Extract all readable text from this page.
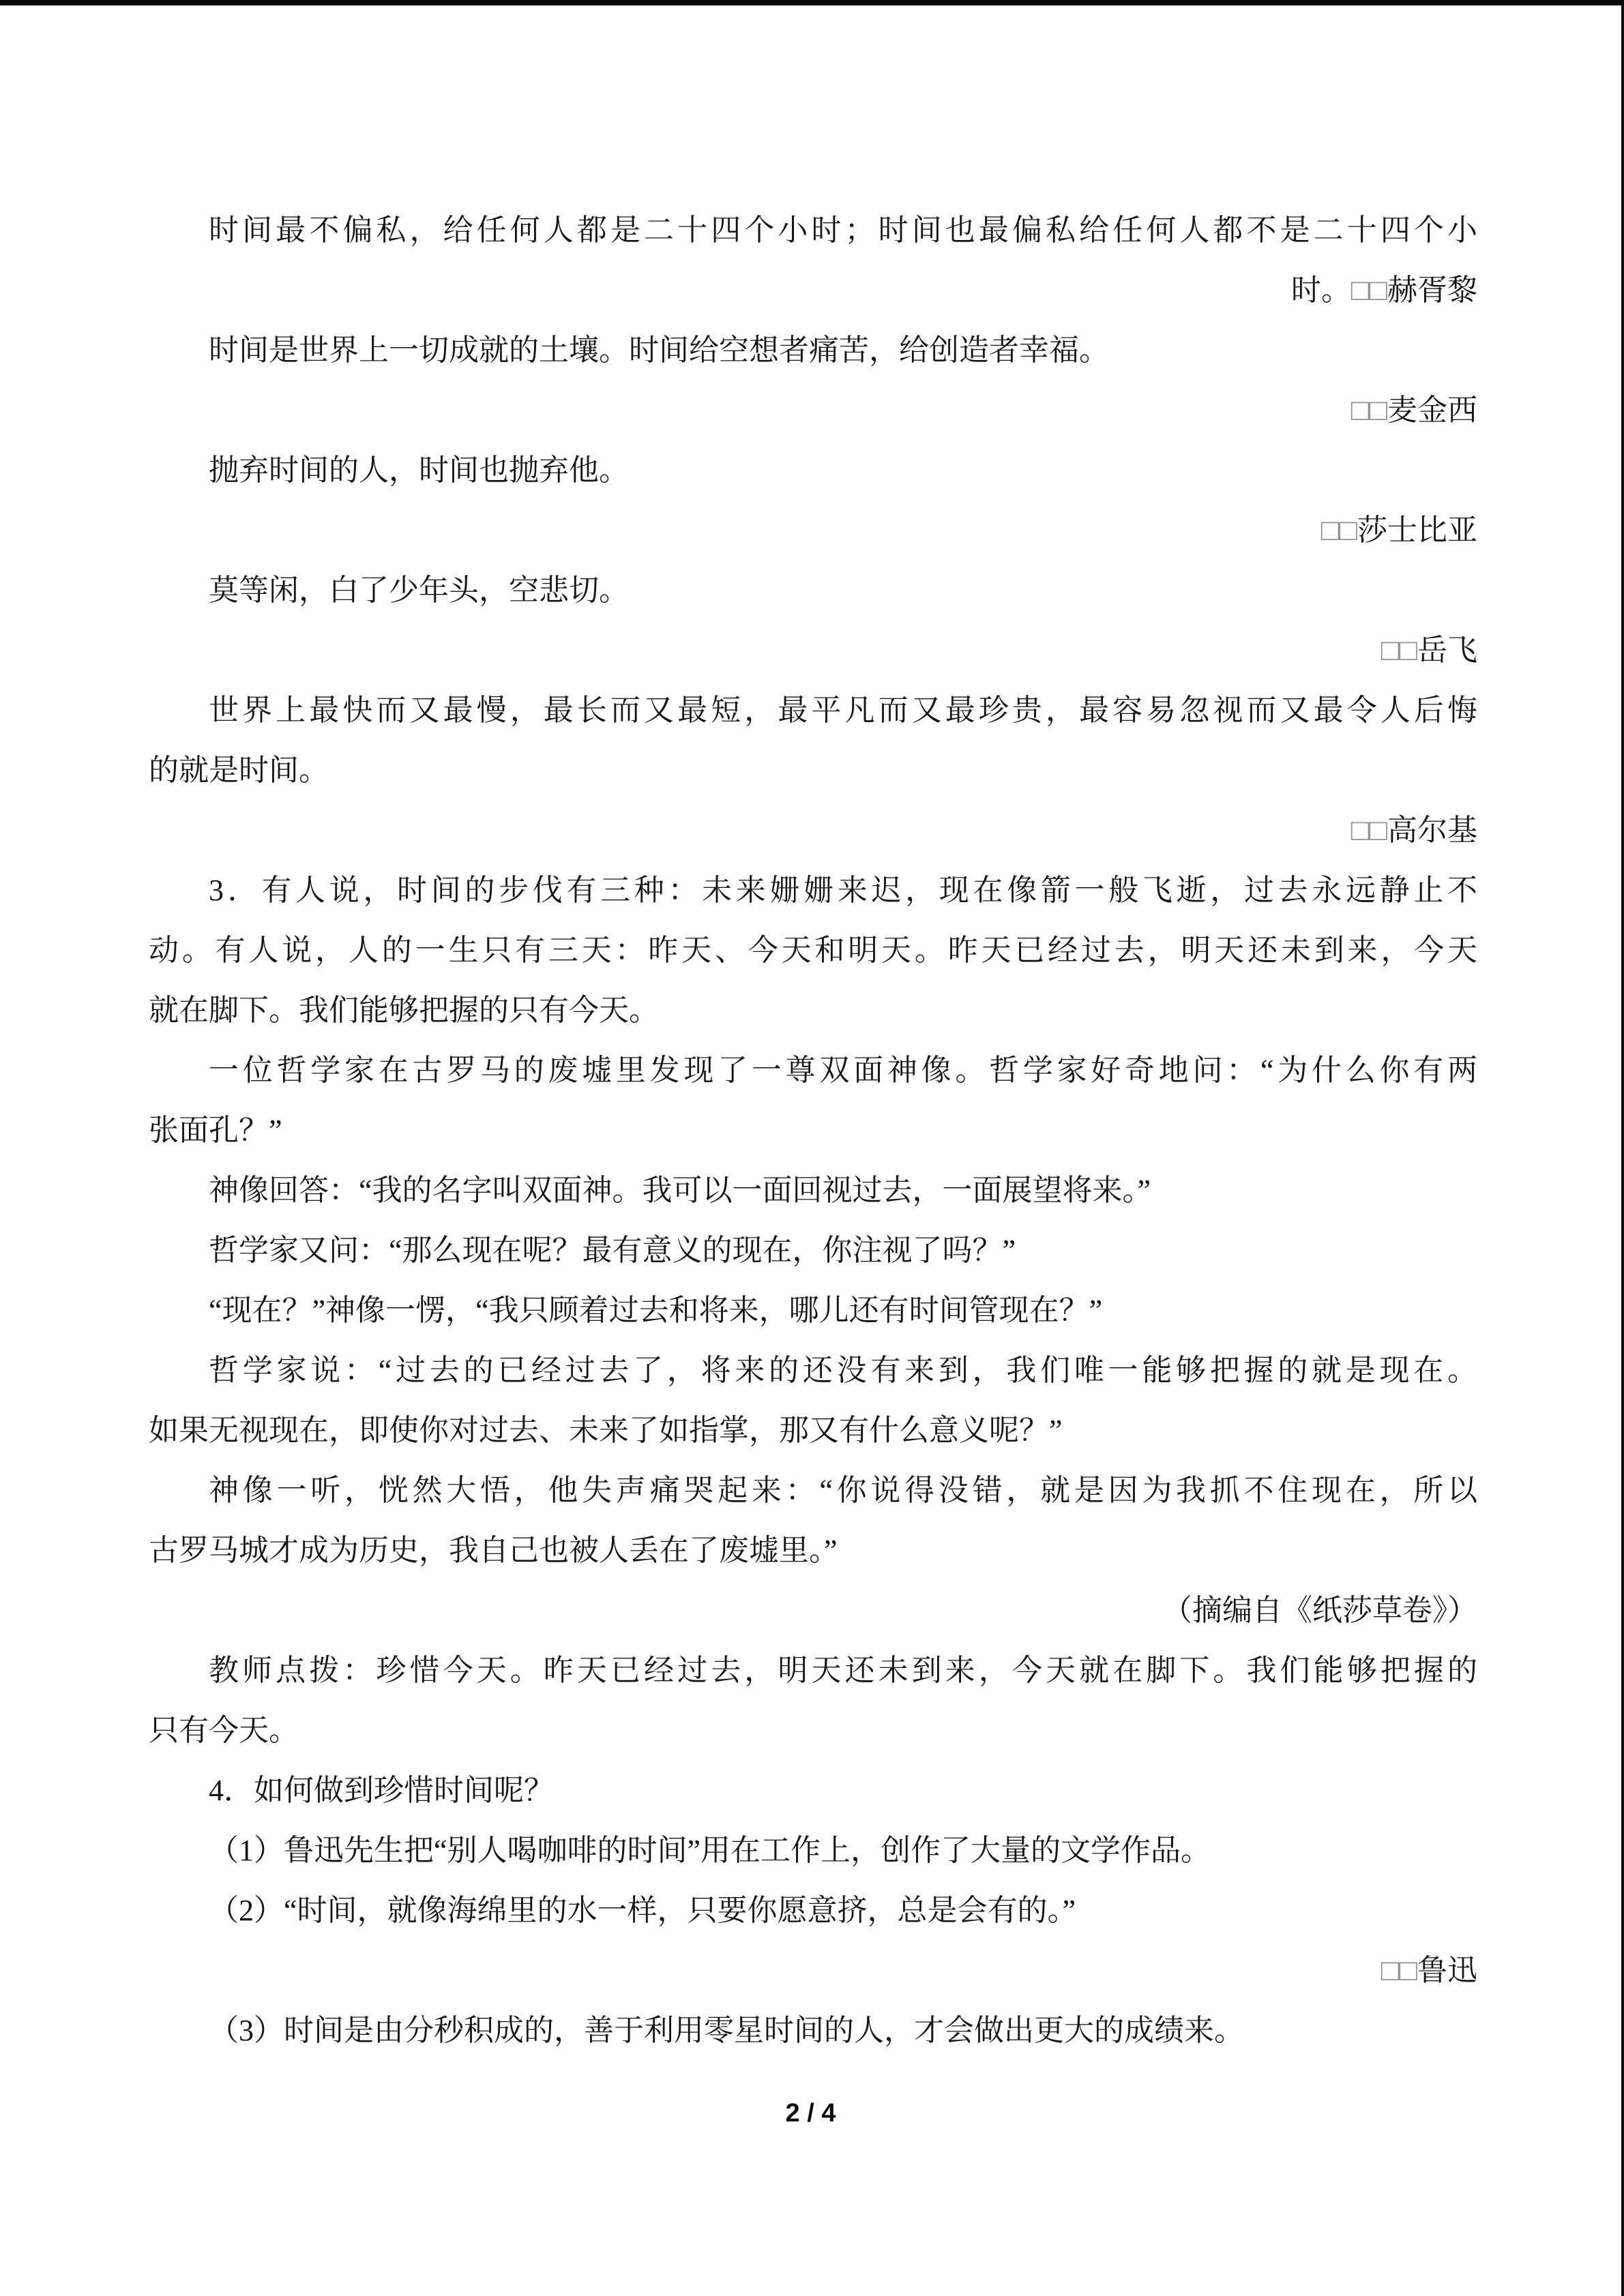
时间最不偏私，给任何人都是二十四个小时；时间也最偏私给任何人都不是二十四个小
时。□□赫胥黎
时间是世界上一切成就的土壤。时间给空想者痛苦，给创造者幸福。
□□麦金西
抛弃时间的人，时间也抛弃他。
□□莎士比亚
莫等闲，白了少年头，空悲切。
□□岳飞
世界上最快而又最慢，最长而又最短，最平凡而又最珍贵，最容易忽视而又最令人后悔
的就是时间。
□□高尔基
3．有人说，时间的步伐有三种：未来姗姗来迟，现在像箭一般飞逝，过去永远静止不
动。有人说，人的一生只有三天：昨天、今天和明天。昨天已经过去，明天还未到来，今天
就在脚下。我们能够把握的只有今天。
一位哲学家在古罗马的废墟里发现了一尊双面神像。哲学家好奇地问：“为什么你有两
张面孔？”
神像回答：“我的名字叫双面神。我可以一面回视过去，一面展望将来。”
哲学家又问：“那么现在呢？最有意义的现在，你注视了吗？”
“现在？”神像一愣，“我只顾着过去和将来，哪儿还有时间管现在？”
哲学家说：“过去的已经过去了，将来的还没有来到，我们唯一能够把握的就是现在。
如果无视现在，即使你对过去、未来了如指掌，那又有什么意义呢？”
神像一听，恍然大悟，他失声痛哭起来：“你说得没错，就是因为我抓不住现在，所以
古罗马城才成为历史，我自己也被人丢在了废墟里。”
（摘编自《纸莎草卷》）
教师点拨：珍惜今天。昨天已经过去，明天还未到来，今天就在脚下。我们能够把握的
只有今天。
4．如何做到珍惜时间呢？
（1）鲁迅先生把“别人喝咖啡的时间”用在工作上，创作了大量的文学作品。
（2）“时间，就像海绵里的水一样，只要你愿意挤，总是会有的。”
□□鲁迅
（3）时间是由分秒积成的，善于利用零星时间的人，才会做出更大的成绩来。
2 / 4
